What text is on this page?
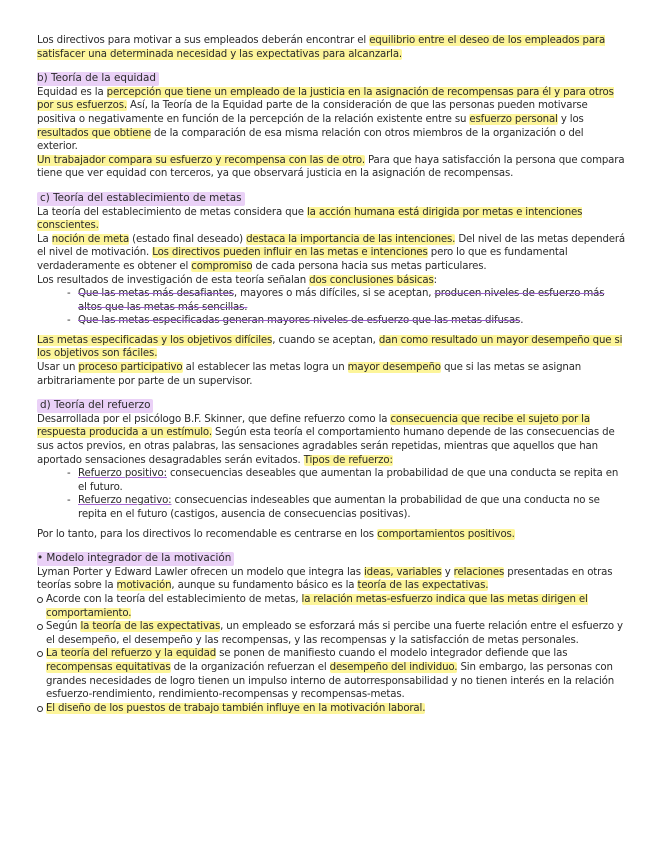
Los directivos para motivar a sus empleados deberán encontrar el equilibrio entre el deseo de los empleados para satisfacer una determinada necesidad y las expectativas para alcanzarla.

b) Teoría de la equidad

Equidad es la percepción que tiene un empleado de la justicia en la asignación de recompensas para él y para otros por sus esfuerzos. Así, la Teoría de la Equidad parte de la consideración de que las personas pueden motivarse positiva o negativamente en función de la percepción de la relación existente entre su esfuerzo personal y los resultados que obtiene de la comparación de esa misma relación con otros miembros de la organización o del exterior.

Un trabajador compara su esfuerzo y recompensa con las de otro. Para que haya satisfacción la persona que compara tiene que ver equidad con terceros, ya que observará justicia en la asignación de recompensas.

c) Teoría del establecimiento de metas

La teoría del establecimiento de metas considera que la acción humana está dirigida por metas e intenciones conscientes.

La noción de meta (estado final deseado) destaca la importancia de las intenciones. Del nivel de las metas dependerá el nivel de motivación. Los directivos pueden influir en las metas e intenciones pero lo que es fundamental verdaderamente es obtener el compromiso de cada persona hacia sus metas particulares.

Los resultados de investigación de esta teoría señalan dos conclusiones básicas:

- Que las metas más desafiantes, mayores o más difíciles, si se aceptan, producen niveles de esfuerzo más altos que las metas más sencillas.
- Que las metas especificadas generan mayores niveles de esfuerzo que las metas difusas.

Las metas especificadas y los objetivos difíciles, cuando se aceptan, dan como resultado un mayor desempeño que si los objetivos son fáciles.

Usar un proceso participativo al establecer las metas logra un mayor desempeño que si las metas se asignan arbitrariamente por parte de un supervisor.

d) Teoría del refuerzo

Desarrollada por el psicólogo B.F. Skinner, que define refuerzo como la consecuencia que recibe el sujeto por la respuesta producida a un estímulo. Según esta teoría el comportamiento humano depende de las consecuencias de sus actos previos, en otras palabras, las sensaciones agradables serán repetidas, mientras que aquellos que han aportado sensaciones desagradables serán evitados. Tipos de refuerzo:

- Refuerzo positivo: consecuencias deseables que aumentan la probabilidad de que una conducta se repita en el futuro.
- Refuerzo negativo: consecuencias indeseables que aumentan la probabilidad de que una conducta no se repita en el futuro (castigos, ausencia de consecuencias positivas).

Por lo tanto, para los directivos lo recomendable es centrarse en los comportamientos positivos.

• Modelo integrador de la motivación

Lyman Porter y Edward Lawler ofrecen un modelo que integra las ideas, variables y relaciones presentadas en otras teorías sobre la motivación, aunque su fundamento básico es la teoría de las expectativas.

Acorde con la teoría del establecimiento de metas, la relación metas-esfuerzo indica que las metas dirigen el comportamiento.
Según la teoría de las expectativas, un empleado se esforzará más si percibe una fuerte relación entre el esfuerzo y el desempeño, el desempeño y las recompensas, y las recompensas y la satisfacción de metas personales.
La teoría del refuerzo y la equidad se ponen de manifiesto cuando el modelo integrador defiende que las recompensas equitativas de la organización refuerzan el desempeño del individuo. Sin embargo, las personas con grandes necesidades de logro tienen un impulso interno de autorresponsabilidad y no tienen interés en la relación esfuerzo-rendimiento, rendimiento-recompensas y recompensas-metas.
El diseño de los puestos de trabajo también influye en la motivación laboral.
